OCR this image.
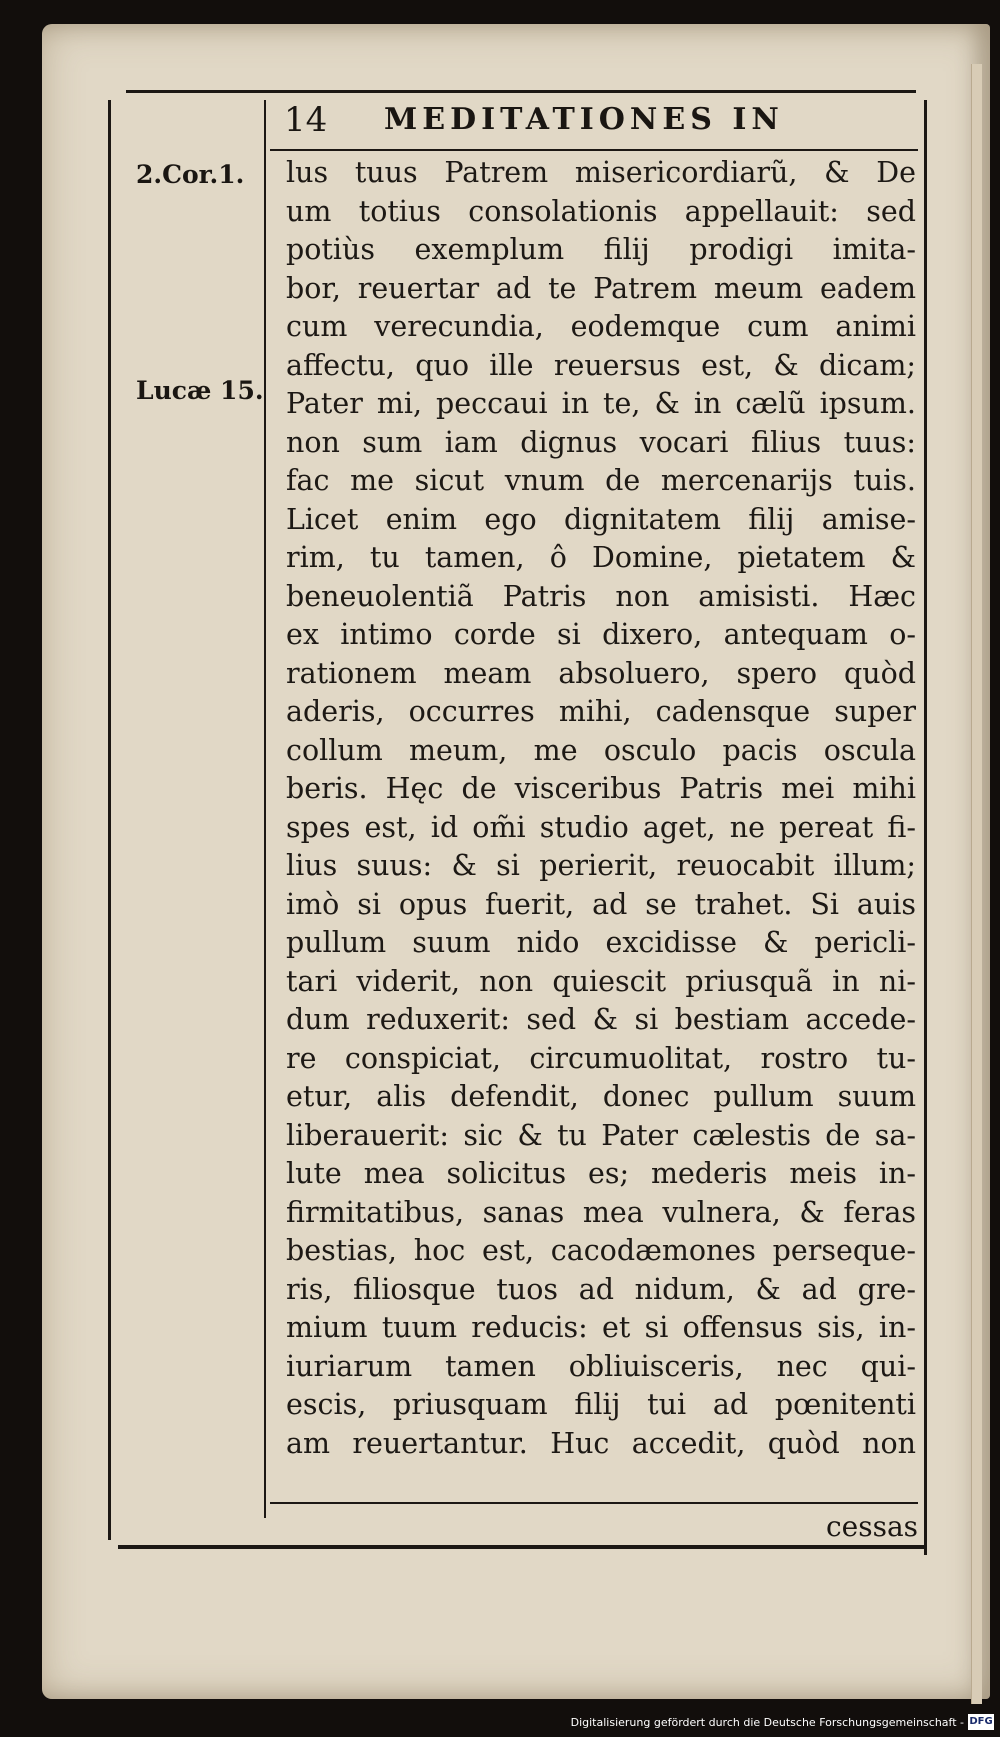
14 MEDITATIONES IN
2.Cor.1.
Lucæ 15.
lus tuus Patrem misericordiarũ, & De
um totius consolationis appellauit: sed
potiùs exemplum filij prodigi imita-
bor, reuertar ad te Patrem meum eadem
cum verecundia, eodemque cum animi
affectu, quo ille reuersus est, & dicam;
Pater mi, peccaui in te, & in cælũ ipsum.
non sum iam dignus vocari filius tuus:
fac me sicut vnum de mercenarijs tuis.
Licet enim ego dignitatem filij amise-
rim, tu tamen, ô Domine, pietatem &
beneuolentiã Patris non amisisti. Hæc
ex intimo corde si dixero, antequam o-
rationem meam absoluero, spero quòd
aderis, occurres mihi, cadensque super
collum meum, me osculo pacis oscula
beris. Hęc de visceribus Patris mei mihi
spes est, id om̃i studio aget, ne pereat fi-
lius suus: & si perierit, reuocabit illum;
imò si opus fuerit, ad se trahet. Si auis
pullum suum nido excidisse & pericli-
tari viderit, non quiescit priusquã in ni-
dum reduxerit: sed & si bestiam accede-
re conspiciat, circumuolitat, rostro tu-
etur, alis defendit, donec pullum suum
liberauerit: sic & tu Pater cælestis de sa-
lute mea solicitus es; mederis meis in-
firmitatibus, sanas mea vulnera, & feras
bestias, hoc est, cacodæmones perseque-
ris, filiosque tuos ad nidum, & ad gre-
mium tuum reducis: et si offensus sis, in-
iuriarum tamen obliuisceris, nec qui-
escis, priusquam filij tui ad pœnitenti
am reuertantur. Huc accedit, quòd non
cessas
Digitalisierung gefördert durch die Deutsche Forschungsgemeinschaft - DFG
